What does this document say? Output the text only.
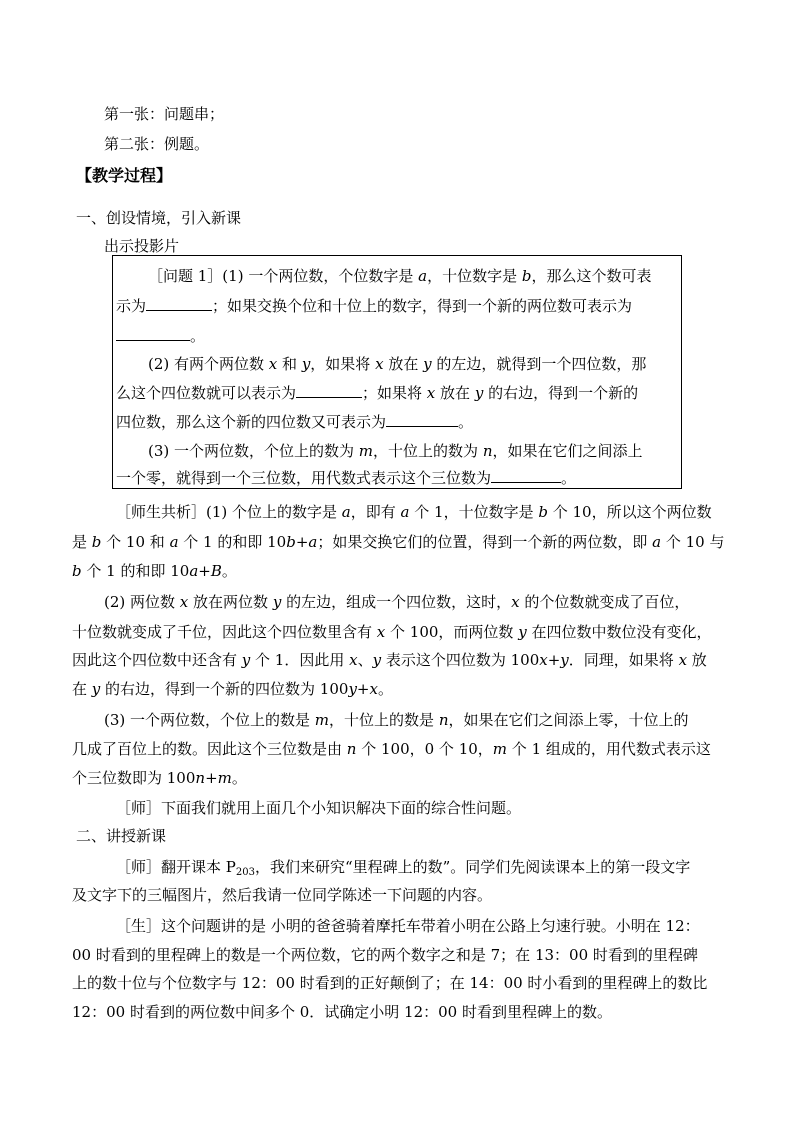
第一张：问题串；
第二张：例题。
【教学过程】
一、创设情境，引入新课
出示投影片
［问题 1］(1) 一个两位数，个位数字是 a，十位数字是 b，那么这个数可表
示为	；如果交换个位和十位上的数字，得到一个新的两位数可表示为
。
(2) 有两个两位数 x 和 y，如果将 x 放在 y 的左边，就得到一个四位数，那
么这个四位数就可以表示为	；如果将 x 放在 y 的右边，得到一个新的
四位数，那么这个新的四位数又可表示为	。
(3) 一个两位数，个位上的数为 m，十位上的数为 n，如果在它们之间添上
一个零，就得到一个三位数，用代数式表示这个三位数为	。
［师生共析］(1) 个位上的数字是 a，即有 a 个 1，十位数字是 b 个 10，所以这个两位数
是 b 个 10 和 a 个 1 的和即 10b+a；如果交换它们的位置，得到一个新的两位数，即 a 个 10 与
b 个 1 的和即 10a+B。
(2) 两位数 x 放在两位数 y 的左边，组成一个四位数，这时，x 的个位数就变成了百位，
十位数就变成了千位，因此这个四位数里含有 x 个 100，而两位数 y 在四位数中数位没有变化，
因此这个四位数中还含有 y 个 1．因此用 x、y 表示这个四位数为 100x+y．同理，如果将 x 放
在 y 的右边，得到一个新的四位数为 100y+x。
(3) 一个两位数，个位上的数是 m，十位上的数是 n，如果在它们之间添上零，十位上的
几成了百位上的数。因此这个三位数是由 n 个 100，0 个 10，m 个 1 组成的，用代数式表示这
个三位数即为 100n+m。
［师］下面我们就用上面几个小知识解决下面的综合性问题。
二、讲授新课
［师］翻开课本 $P_{203}$，我们来研究“里程碑上的数”。同学们先阅读课本上的第一段文字
及文字下的三幅图片，然后我请一位同学陈述一下问题的内容。
［生］这个问题讲的是 小明的爸爸骑着摩托车带着小明在公路上匀速行驶。小明在 12：
00 时看到的里程碑上的数是一个两位数，它的两个数字之和是 7；在 13：00 时看到的里程碑
上的数十位与个位数字与 12：00 时看到的正好颠倒了；在 14：00 时小看到的里程碑上的数比
12：00 时看到的两位数中间多个 0．试确定小明 12：00 时看到里程碑上的数。
